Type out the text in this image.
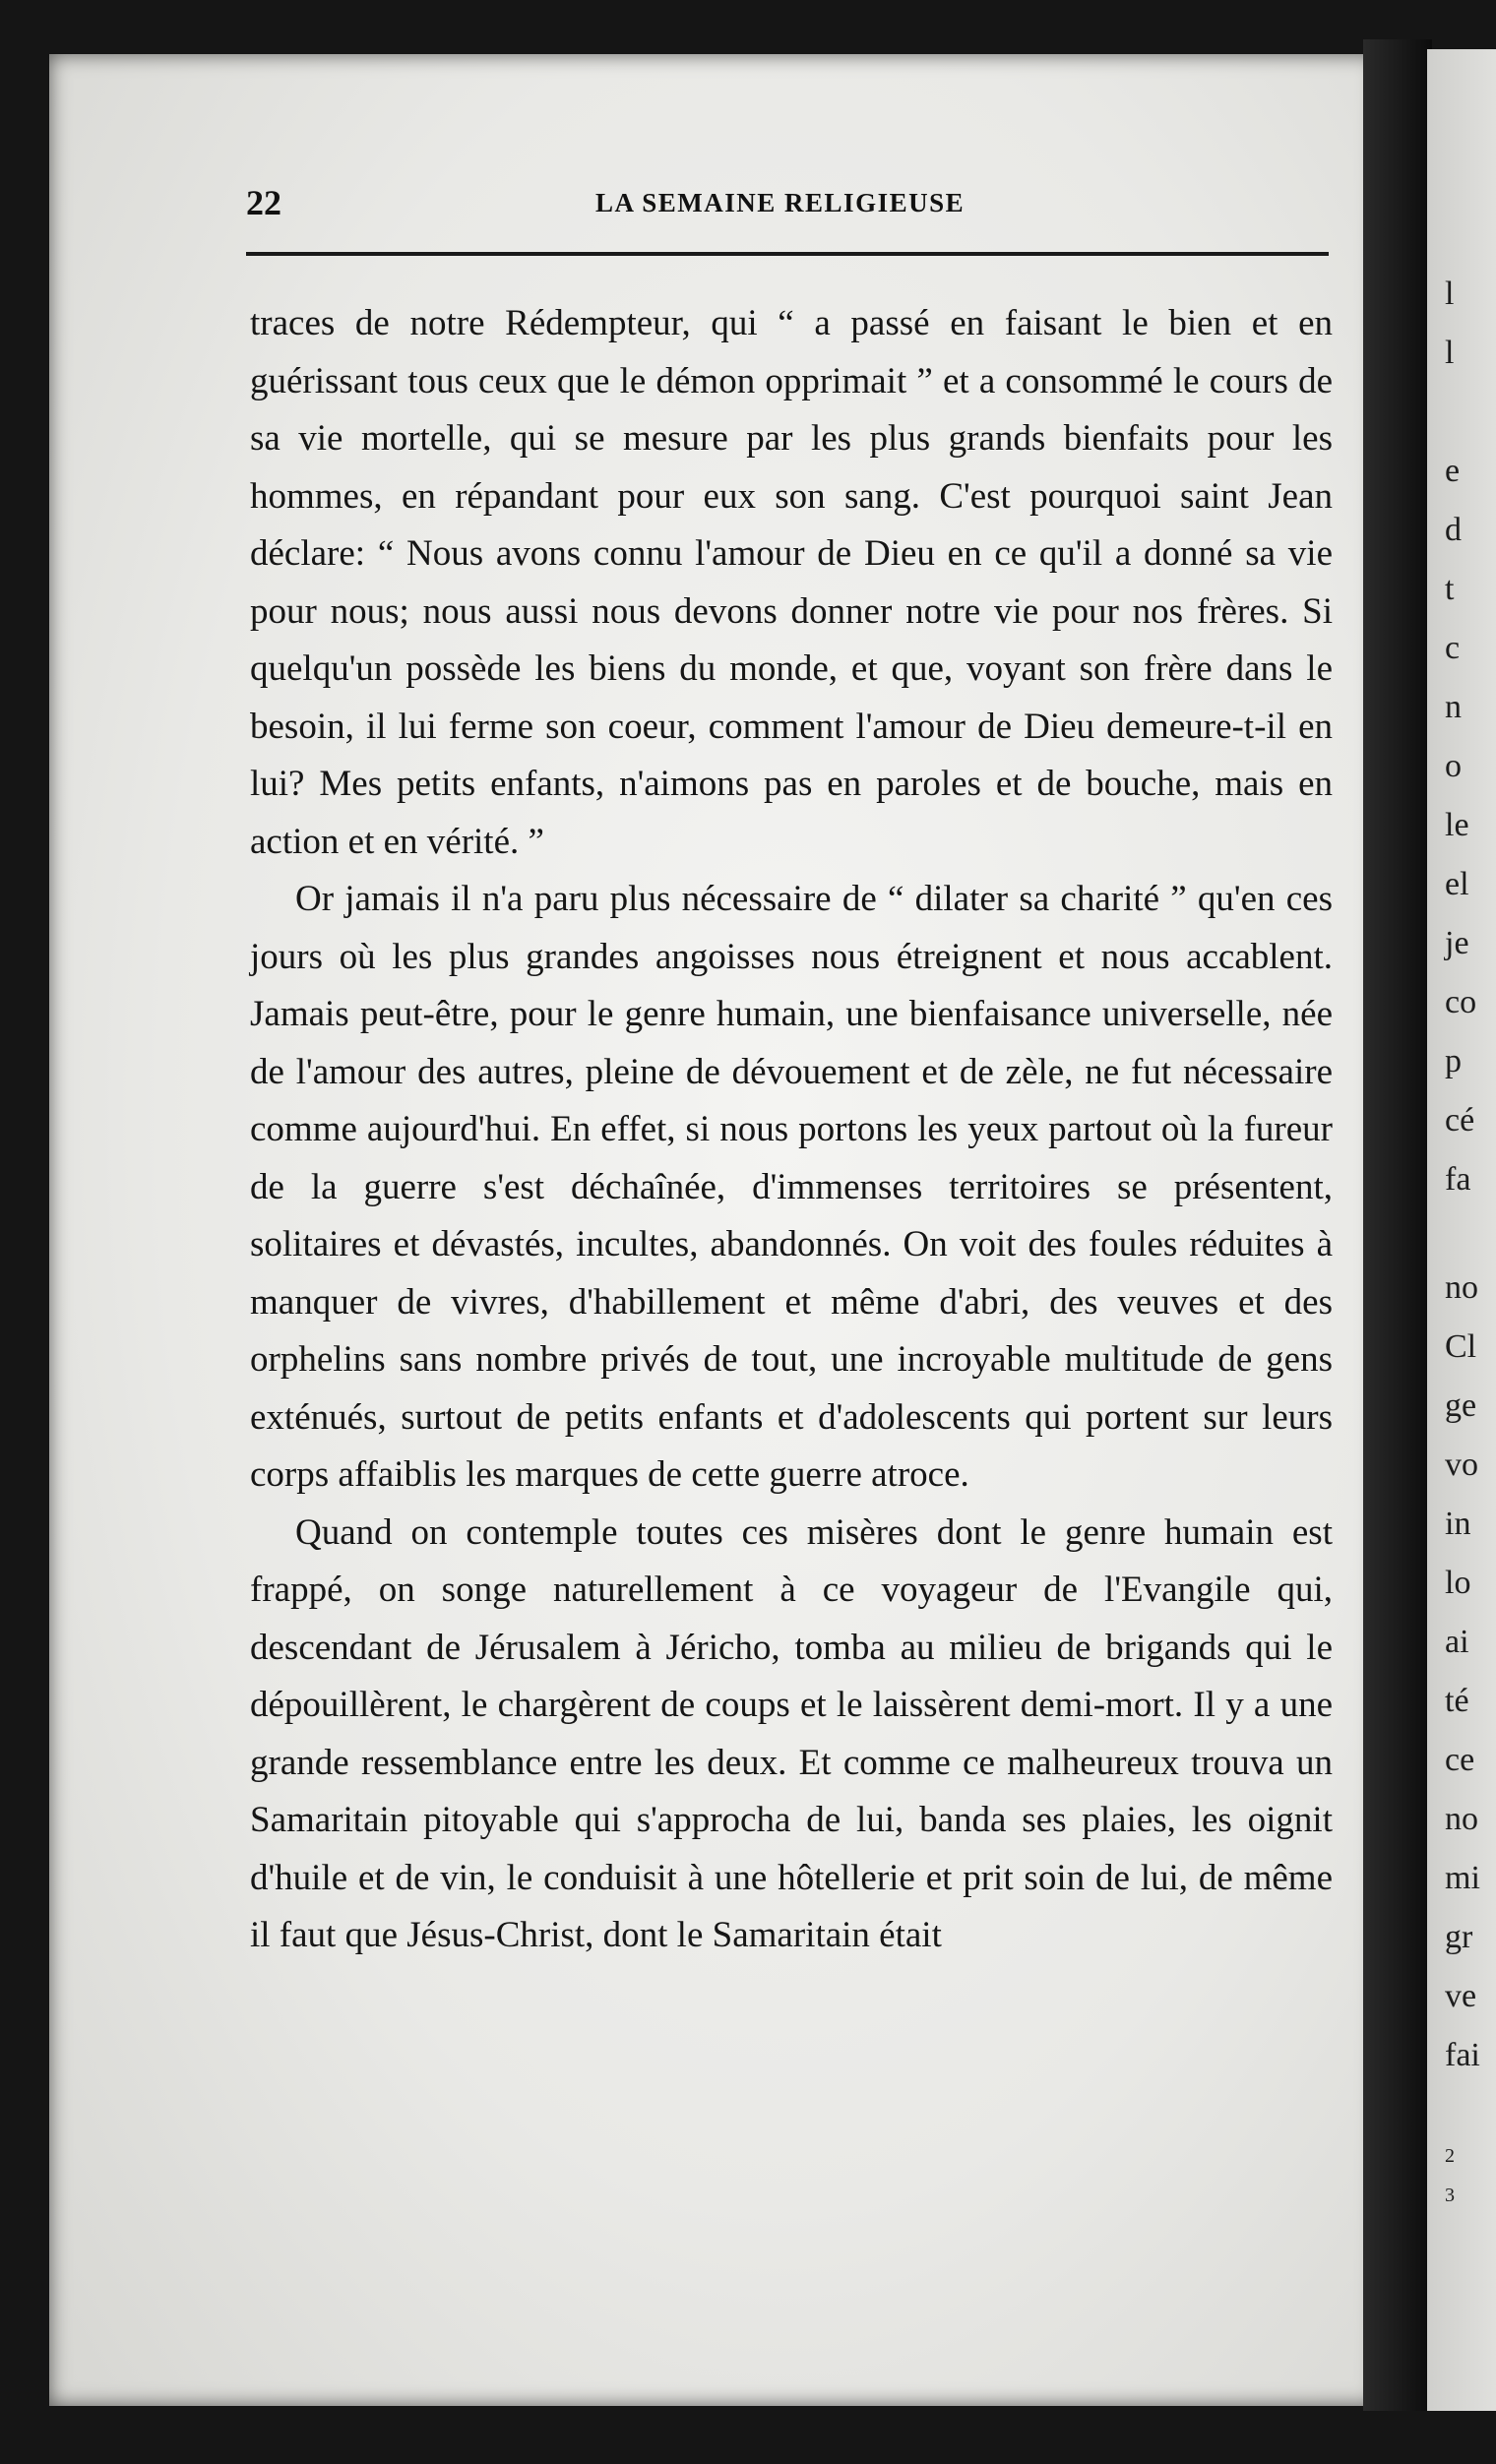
22	LA SEMAINE RELIGIEUSE

traces de notre Rédempteur, qui “ a passé en faisant le bien et en guérissant tous ceux que le démon opprimait ” et a consommé le cours de sa vie mortelle, qui se mesure par les plus grands bienfaits pour les hommes, en répandant pour eux son sang. C'est pourquoi saint Jean déclare: “ Nous avons connu l'amour de Dieu en ce qu'il a donné sa vie pour nous; nous aussi nous devons donner notre vie pour nos frères. Si quelqu'un possède les biens du monde, et que, voyant son frère dans le besoin, il lui ferme son coeur, comment l'amour de Dieu demeure-t-il en lui? Mes petits enfants, n'aimons pas en paroles et de bouche, mais en action et en vérité. ”

Or jamais il n'a paru plus nécessaire de “ dilater sa charité ” qu'en ces jours où les plus grandes angoisses nous étreignent et nous accablent. Jamais peut-être, pour le genre humain, une bienfaisance universelle, née de l'amour des autres, pleine de dévouement et de zèle, ne fut nécessaire comme aujourd'hui. En effet, si nous portons les yeux partout où la fureur de la guerre s'est déchaînée, d'immenses territoires se présentent, solitaires et dévastés, incultes, abandonnés. On voit des foules réduites à manquer de vivres, d'habillement et même d'abri, des veuves et des orphelins sans nombre privés de tout, une incroyable multitude de gens exténués, surtout de petits enfants et d'adolescents qui portent sur leurs corps affaiblis les marques de cette guerre atroce.

Quand on contemple toutes ces misères dont le genre humain est frappé, on songe naturellement à ce voyageur de l'Evangile qui, descendant de Jérusalem à Jéricho, tomba au milieu de brigands qui le dépouillèrent, le chargèrent de coups et le laissèrent demi-mort. Il y a une grande ressemblance entre les deux. Et comme ce malheureux trouva un Samaritain pitoyable qui s'approcha de lui, banda ses plaies, les oignit d'huile et de vin, le conduisit à une hôtellerie et prit soin de lui, de même il faut que Jésus-Christ, dont le Samaritain était

l
l
e
d
t
c
n
o
le
el
je
co
p
cé
fa
no
Cl
ge
vo
in
lo
ai
té
ce
no
mi
gr
ve
fai
2
3
